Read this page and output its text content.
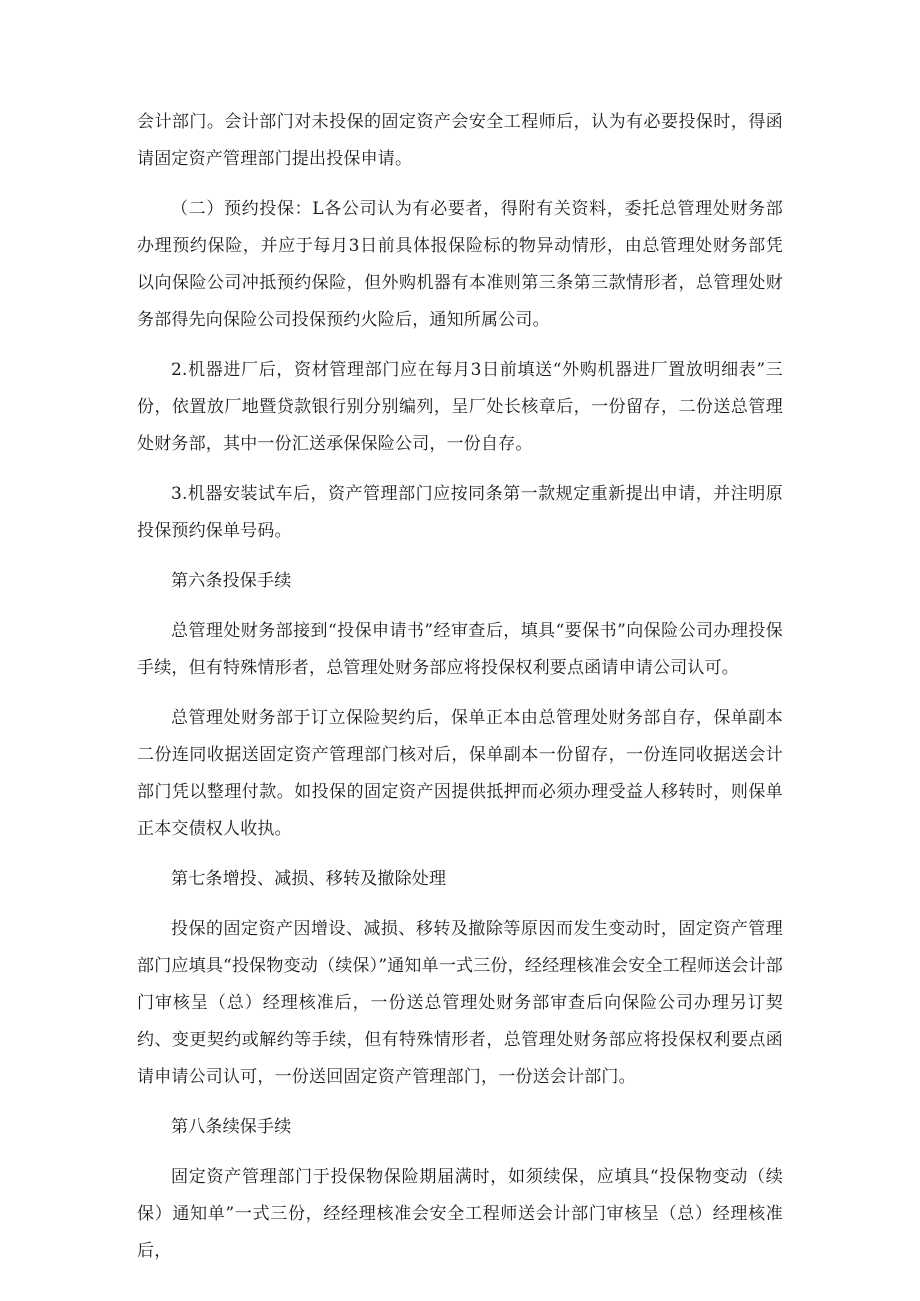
会计部门。会计部门对未投保的固定资产会安全工程师后，认为有必要投保时，得函请固定资产管理部门提出投保申请。

（二）预约投保：L各公司认为有必要者，得附有关资料，委托总管理处财务部办理预约保险，并应于每月3日前具体报保险标的物异动情形，由总管理处财务部凭以向保险公司冲抵预约保险，但外购机器有本准则第三条第三款情形者，总管理处财务部得先向保险公司投保预约火险后，通知所属公司。

2.机器进厂后，资材管理部门应在每月3日前填送“外购机器进厂置放明细表”三份，依置放厂地暨贷款银行别分别编列，呈厂处长核章后，一份留存，二份送总管理处财务部，其中一份汇送承保保险公司，一份自存。

3.机器安装试车后，资产管理部门应按同条第一款规定重新提出申请，并注明原投保预约保单号码。

第六条投保手续

总管理处财务部接到“投保申请书”经审查后，填具“要保书”向保险公司办理投保手续，但有特殊情形者，总管理处财务部应将投保权利要点函请申请公司认可。

总管理处财务部于订立保险契约后，保单正本由总管理处财务部自存，保单副本二份连同收据送固定资产管理部门核对后，保单副本一份留存，一份连同收据送会计部门凭以整理付款。如投保的固定资产因提供抵押而必须办理受益人移转时，则保单正本交债权人收执。

第七条增投、减损、移转及撤除处理

投保的固定资产因增设、减损、移转及撤除等原因而发生变动时，固定资产管理部门应填具“投保物变动（续保）”通知单一式三份，经经理核准会安全工程师送会计部门审核呈（总）经理核准后，一份送总管理处财务部审查后向保险公司办理另订契约、变更契约或解约等手续，但有特殊情形者，总管理处财务部应将投保权利要点函请申请公司认可，一份送回固定资产管理部门，一份送会计部门。

第八条续保手续

固定资产管理部门于投保物保险期届满时，如须续保，应填具“投保物变动（续保）通知单”一式三份，经经理核准会安全工程师送会计部门审核呈（总）经理核准后，
